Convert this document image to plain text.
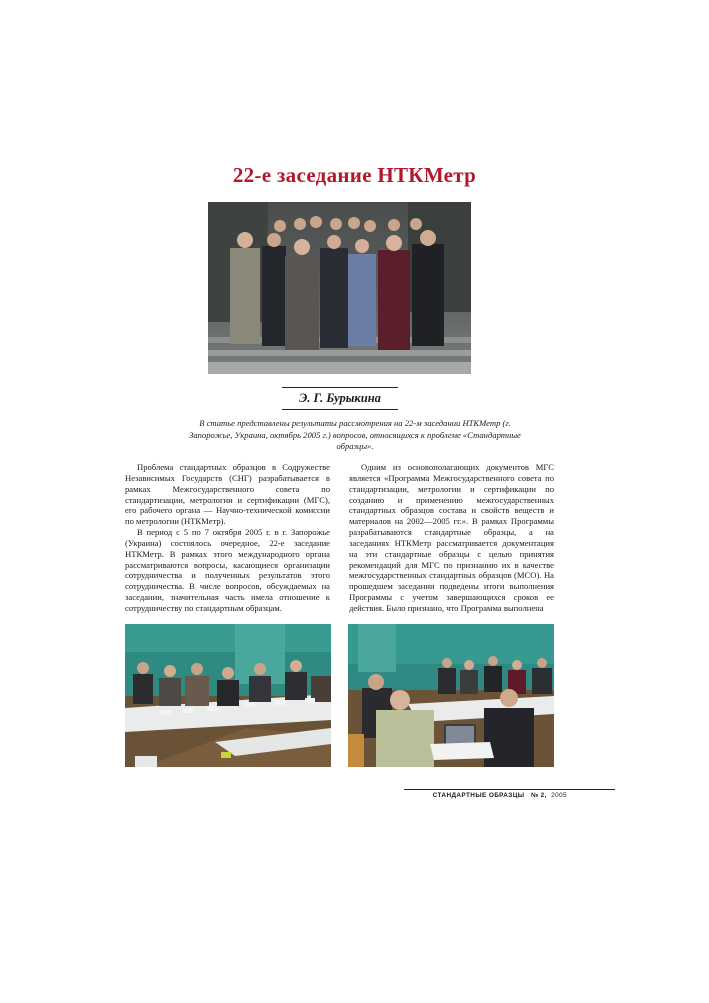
22-е заседание НТКМетр
Э. Г. Бурыкина
В статье представлены результаты рассмотрения на 22-м заседании НТКМетр (г. Запорожье, Украина, октябрь 2005 г.) вопросов, относящихся к проблеме «Стандартные образцы».

Проблема стандартных образцов в Содружестве Независимых Государств (СНГ) разрабатывается в рамках Межгосударственного совета по стандартизации, метрологии и сертификации (МГС), его рабочего органа — Научно-технической комиссии по метрологии (НТКМетр).

В период с 5 по 7 октября 2005 г. в г. Запорожье (Украина) состоялось очередное, 22-е заседание НТКМетр. В рамках этого международного органа рассматриваются вопросы, касающиеся организации сотрудничества и полученных результатов этого сотрудничества. В числе вопросов, обсуждаемых на заседании, значительная часть имела отношение к сотрудничеству по стандартным образцам.

Одним из основополагающих документов МГС является «Программа Межгосударственного совета по стандартизации, метрологии и сертификации по созданию и применению межгосударственных стандартных образцов состава и свойств веществ и материалов на 2002—2005 гг.». В рамках Программы разрабатываются стандартные образцы, а на заседаниях НТКМетр рассматривается документация на эти стандартные образцы с целью принятия рекомендаций для МГС по признанию их в качестве межгосударственных стандартных образцов (МСО). На прошедшем заседании подведены итоги выполнения Программы с учетом завершающихся сроков ее действия. Было признано, что Программа выполнена

СТАНДАРТНЫЕ ОБРАЗЦЫ № 2, 2005
